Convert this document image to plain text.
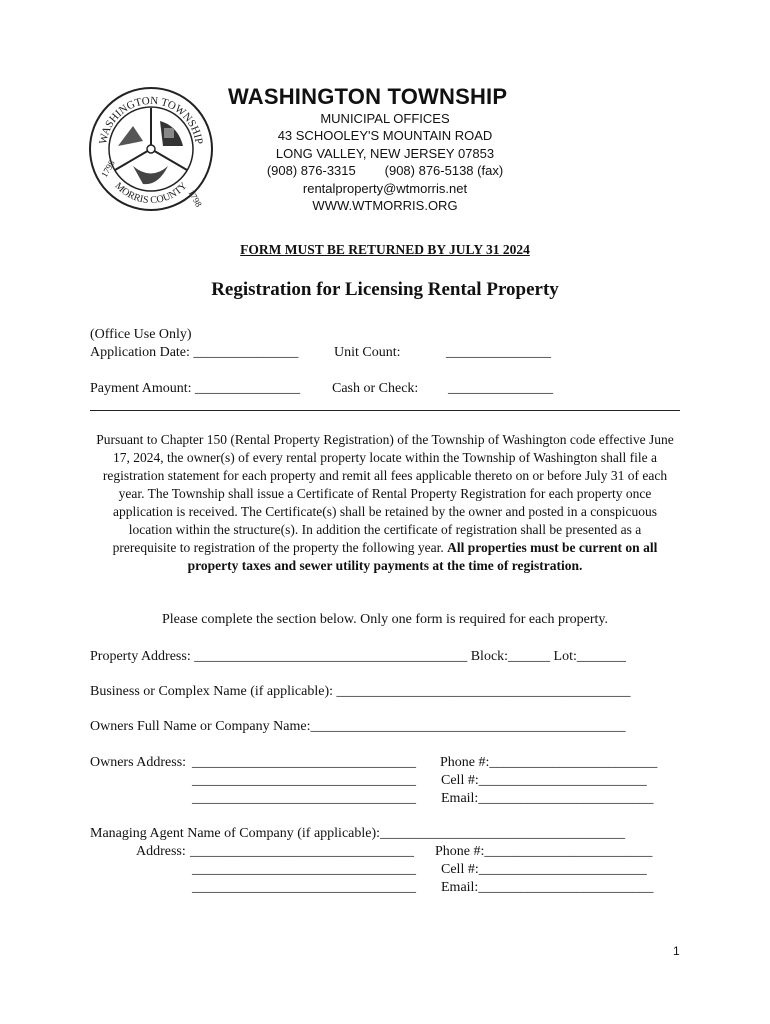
WASHINGTON TOWNSHIP
MORRIS COUNTY
1798
1798
WASHINGTON TOWNSHIP
MUNICIPAL OFFICES
43 SCHOOLEY'S MOUNTAIN ROAD
LONG VALLEY, NEW JERSEY 07853
(908) 876-3315        (908) 876-5138 (fax)
rentalproperty@wtmorris.net
WWW.WTMORRIS.ORG
FORM MUST BE RETURNED BY JULY 31 2024
Registration for Licensing Rental Property
(Office Use Only)
Application Date: _______________	Unit Count:	_______________
Payment Amount: _______________ Cash or Check: _______________
Pursuant to Chapter 150 (Rental Property Registration) of the Township of Washington code effective June 17, 2024, the owner(s) of every rental property locate within the Township of Washington shall file a registration statement for each property and remit all fees applicable thereto on or before July 31 of each year. The Township shall issue a Certificate of Rental Property Registration for each property once application is received. The Certificate(s) shall be retained by the owner and posted in a conspicuous location within the structure(s). In addition the certificate of registration shall be presented as a prerequisite to registration of the property the following year. All properties must be current on all property taxes and sewer utility payments at the time of registration.
Please complete the section below. Only one form is required for each property.
Property Address: _______________________________________ Block:______ Lot:_______
Business or Complex Name (if applicable): __________________________________________
Owners Full Name or Company Name:_____________________________________________
Owners Address: ________________________________
________________________________
________________________________
Phone #:________________________
Cell #:________________________
Email:_________________________
Managing Agent Name of Company (if applicable):___________________________________
Address: ________________________________
________________________________
________________________________
Phone #:________________________
Cell #:________________________
Email:_________________________
1
